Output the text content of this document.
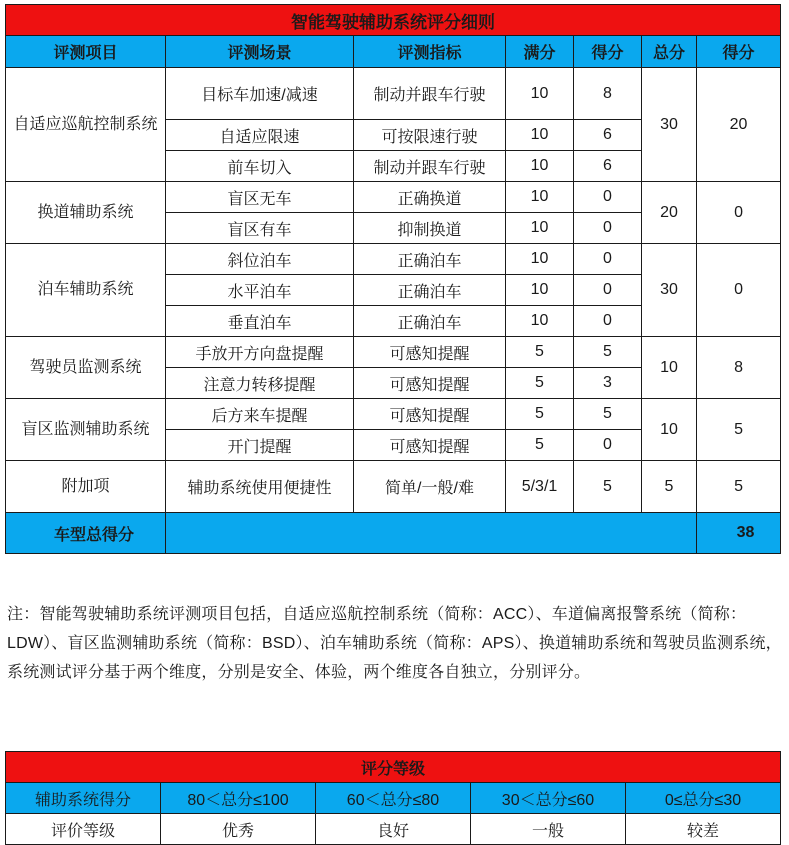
智能驾驶辅助系统评分细则						
评测项目	评测场景	评测指标	满分	得分	总分	得分
自适应巡航控制系统	目标车加速/减速	制动并跟车行驶	10	8	30	20
	自适应限速	可按限速行驶	10	6		
	前车切入	制动并跟车行驶	10	6		
换道辅助系统	盲区无车	正确换道	10	0	20	0
	盲区有车	抑制换道	10	0		
泊车辅助系统	斜位泊车	正确泊车	10	0	30	0
	水平泊车	正确泊车	10	0		
	垂直泊车	正确泊车	10	0		
驾驶员监测系统	手放开方向盘提醒	可感知提醒	5	5	10	8
	注意力转移提醒	可感知提醒	5	3		
盲区监测辅助系统	后方来车提醒	可感知提醒	5	5	10	5
	开门提醒	可感知提醒	5	0		
附加项	辅助系统使用便捷性	简单/一般/难	5/3/1	5	5	5
车型总得分						38

注：智能驾驶辅助系统评测项目包括，自适应巡航控制系统（简称：ACC）、车道偏离报警系统（简称：LDW）、盲区监测辅助系统（简称：BSD）、泊车辅助系统（简称：APS）、换道辅助系统和驾驶员监测系统，系统测试评分基于两个维度，分别是安全、体验，两个维度各自独立，分别评分。

评分等级				
辅助系统得分	80＜总分≤100	60＜总分≤80	30＜总分≤60	0≤总分≤30
评价等级	优秀	良好	一般	较差
